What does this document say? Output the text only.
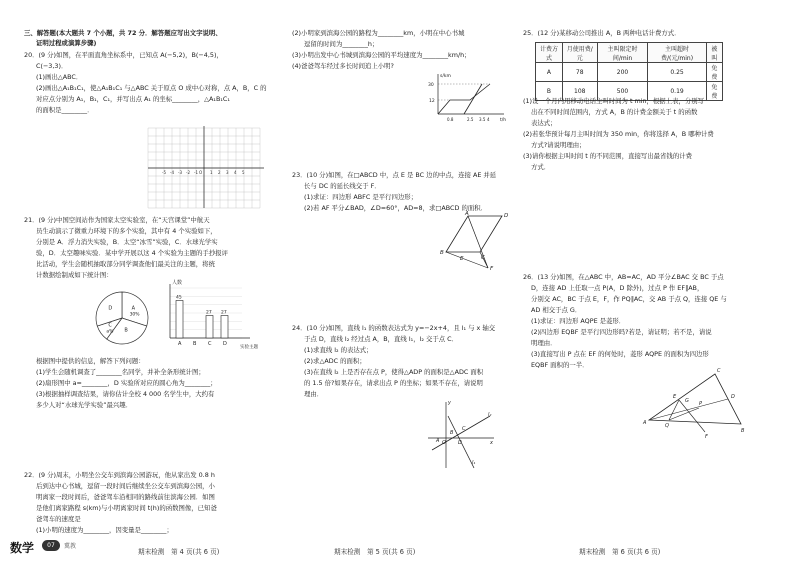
三、解答题(本大题共 7 个小题，共 72 分．解答题应写出文字说明、
证明过程或演算步骤)
20．(9 分)如图，在平面直角坐标系中，已知点 A(−5,2)，B(−4,5)，
C(−3,3)．
(1)画出△ABC．
(2)画出△A₁B₁C₁，使△A₁B₁C₁ 与△ABC 关于原点 O 成中心对称，点 A，B，C 的
对应点分别为 A₁，B₁，C₁，并写出点 A₁ 的坐标________，△A₁B₁C₁
的面积是________．
-5 -4 -3 -2 -1	1 2 3 4 5
O
21．(9 分)中国空间站作为国家太空实验室，在“天宫课堂”中航天
员生动演示了微重力环境下的多个实验，其中有 4 个实验如下，
分别是 A．浮力消失实验，B．太空“冰雪”实验，C．水球光学实
验，D．太空趣味实验．某中学开展以这 4 个实验为主题的手抄报评
比活动，学生会随机抽取部分同学调查他们最关注的主题，将统
计数据绘制成如下统计图：
A
30%
B
C
a%
D
人数
实验主题
45
A B
27
C
27
D
根据图中提供的信息，解答下列问题：
(1)学生会随机调查了________名同学，并补全条形统计图；
(2)扇形图中 a=________，D 实验所对应的圆心角为________；
(3)根据抽样调查结果，请你估计全校 4 000 名学生中，大约有
多少人对“水球光学实验”最兴趣．
22．(9 分)周末，小明坐公交车到滨海公园游玩，他从家出发 0.8 h
后到达中心书城，逗留一段时间后继续坐公交车到滨海公园，小
明离家一段时间后，爸爸驾车沿相同的路线前往滨海公园．如图
是他们离家路程 s(km)与小明离家时间 t(h)的函数图像，已知爸
爸驾车的速度是
(1)小明的速度为________，因变量是________；
数学	07	冀教
期末检测　第 4 页(共 6 页)
(2)小明家到滨海公园的路程为________km，小明在中心书城
逗留的时间为________h；
(3)小明出发中心书城到滨海公园的平均速度为________km/h；
(4)爸爸驾车经过多长时间追上小明?
s/km
t/h
30
12
0.8	2.5 3.5 4
23．(10 分)如图，在□ABCD 中，点 E 是 BC 边的中点，连接 AE 并延
长与 DC 的延长线交于 F．
(1)求证：四边形 ABFC 是平行四边形；
(2)若 AF 平分∠BAD，∠D=60°，AD=8，求□ABCD 的面积．
A	D
B
E	C
F
24．(10 分)如图，直线 l₁ 的函数表达式为 y=−2x+4，且 l₁ 与 x 轴交
于点 D，直线 l₂ 经过点 A，B，直线 l₁，l₂ 交于点 C．
(1)求直线 l₂ 的表达式；
(2)求△ADC 的面积；
(3)在直线 l₂ 上是否存在点 P，使得△ADP 的面积是△ADC 面积
的 1.5 倍?如果存在，请求出点 P 的坐标；如果不存在，请说明
理由．
y
l₂
A
B
C
D
O	x
l₁
期末检测　第 5 页(共 6 页)
25．(12 分)某移动公司推出 A，B 两种电话计费方式．
计费方式	月使用费/元	主叫限定时间/min	主叫超时费/(元/min)	被叫
A	78	200	0.25	免费
B	108	500	0.19	免费
(1)设一个月内用移动电话主叫时间为 t min，根据上表，分别写
出在不同时间范围内，方式 A，B 的计费金额关于 t 的函数
表达式；
(2)若张华预计每月主叫时间为 350 min，你将选择 A，B 哪种计费
方式?请说明理由；
(3)请你根据主叫时间 t 的不同范围，直接写出最省钱的计费
方式．
26．(13 分)如图，在△ABC 中，AB=AC，AD 平分∠BAC 交 BC 于点
D，连接 AD 上任取一点 P(A，D 除外)，过点 P 作 EF∥AB，
分别交 AC，BC 于点 E，F，作 PQ∥AC，交 AB 于点 Q，连接 QE 与
AD 相交于点 G．
(1)求证：四边形 AQPE 是菱形．
(2)四边形 EQBF 是平行四边形吗?若是，请证明；若不是，请说
明理由．
(3)直接写出 P 点在 EF 的何处时，菱形 AQPE 的面积为四边形
EQBF 面积的一半．
A
E
P
G
Q
B
D
F
C
期末检测　第 6 页(共 6 页)
